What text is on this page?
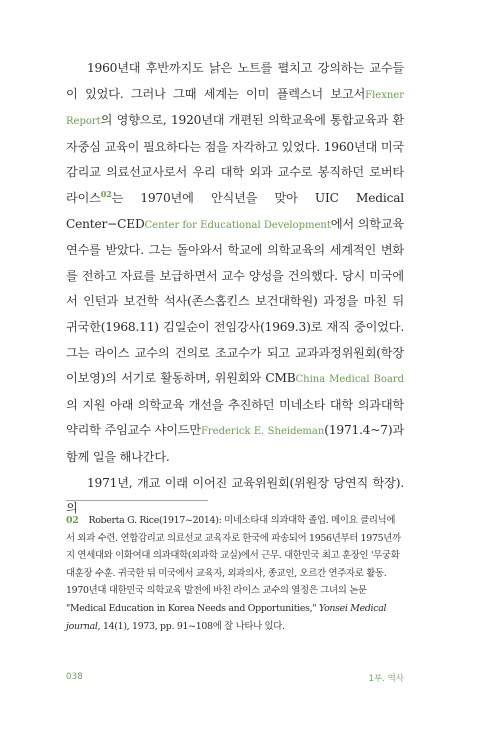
1960년대 후반까지도 낡은 노트를 펼치고 강의하는 교수들이 있었다. 그러나 그때 세계는 이미 플렉스너 보고서Flexner Report의 영향으로, 1920년대 개편된 의학교육에 통합교육과 환자중심 교육이 필요하다는 점을 자각하고 있었다. 1960년대 미국 감리교 의료선교사로서 우리 대학 외과 교수로 봉직하던 로버타 라이스$^{02}$는 1970년에 안식년을 맞아 UIC Medical Center−CEDCenter for Educational Development에서 의학교육 연수를 받았다. 그는 돌아와서 학교에 의학교육의 세계적인 변화를 전하고 자료를 보급하면서 교수 양성을 건의했다. 당시 미국에서 인턴과 보건학 석사(존스홉킨스 보건대학원) 과정을 마친 뒤 귀국한(1968.11) 김일순이 전임강사(1969.3)로 재직 중이었다. 그는 라이스 교수의 건의로 조교수가 되고 교과과정위원회(학장 이보영)의 서기로 활동하며, 위원회와 CMBChina Medical Board의 지원 아래 의학교육 개선을 추진하던 미네소타 대학 의과대학 약리학 주임교수 샤이드만Frederick E. Sheideman(1971.4~7)과 함께 일을 해나간다.

1971년, 개교 이래 이어진 교육위원회(위원장 당연직 학장). 의

02 Roberta G. Rice(1917~2014): 미네소타대 의과대학 졸업. 메이요 클리닉에서 외과 수련. 연합감리교 의료선교 교육자로 한국에 파송되어 1956년부터 1975년까지 연세대와 이화여대 의과대학(외과학 교실)에서 근무. 대한민국 최고 훈장인 '무궁화대훈장 수훈. 귀국한 뒤 미국에서 교육자, 외과의사, 종교인, 오르간 연주자로 활동. 1970년대 대한민국 의학교육 발전에 바친 라이스 교수의 열정은 그녀의 논문 "Medical Education in Korea Needs and Opportunities," Yonsei Medical journal, 14(1), 1973, pp. 91~108에 잘 나타나 있다.

038	1부. 역사
